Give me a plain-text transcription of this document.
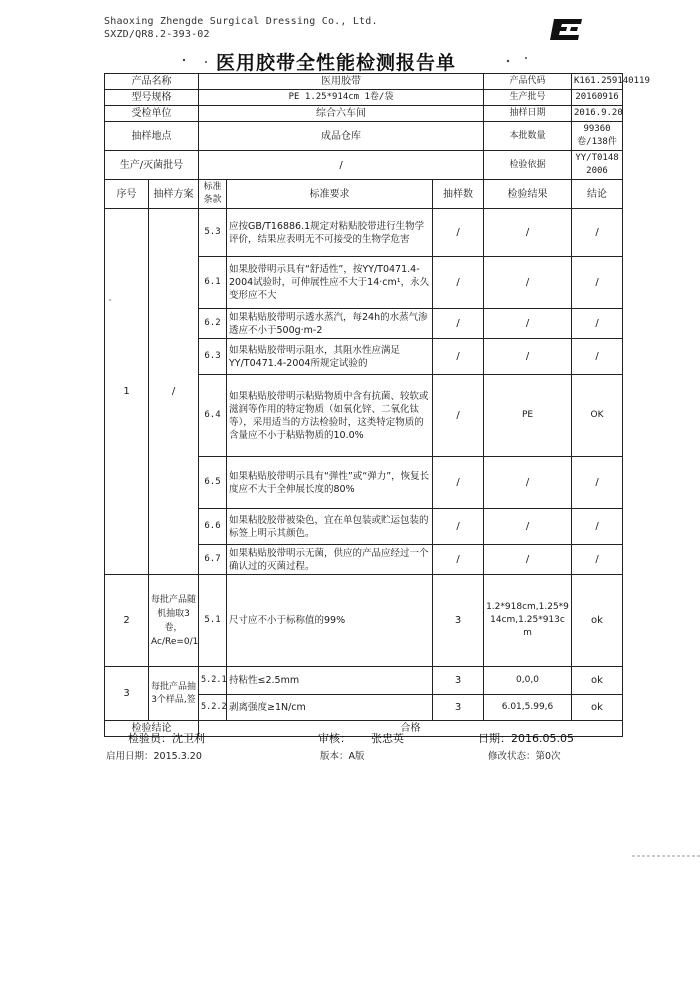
Shaoxing Zhengde Surgical Dressing Co., Ltd.
SXZD/QR8.2-393-02
医用胶带全性能检测报告单
产品名称		医用胶带			产品代码	K161.259140119
型号规格		PE 1.25*914cm 1卷/袋			生产批号	20160916
受检单位		综合六车间			抽样日期	2016.9.20
抽样地点		成品仓库			本批数量	99360卷/138件
生产/灭菌批号		/			检验依据	YY/T0148 2006
序号	抽样方案	标准条款	标准要求	抽样数	检验结果	结论
1	/	5.3	应按GB/T16886.1规定对粘贴胶带进行生物学评价，结果应表明无不可接受的生物学危害	/	/	/
		6.1	如果胶带明示具有“舒适性”，按YY/T0471.4-2004试验时，可伸展性应不大于14·cm¹，永久变形应不大	/	/	/
		6.2	如果粘贴胶带明示透水蒸汽，每24h的水蒸气渗透应不小于500g·m-2	/	/	/
		6.3	如果粘贴胶带明示阻水，其阻水性应满足YY/T0471.4-2004所规定试验的	/	/	/
		6.4	如果粘贴胶带明示粘贴物质中含有抗菌、较软或滋润等作用的特定物质（如氧化锌、二氧化钛等），采用适当的方法检验时，这类特定物质的含量应不小于粘贴物质的10.0%	/	PE	OK
		6.5	如果粘贴胶带明示具有“弹性”或“弹力”，恢复长度应不大于全伸展长度的80%	/	/	/
		6.6	如果粘胶胶带被染色，宜在单包装或贮运包装的标签上明示其颜色。	/	/	/
		6.7	如果粘贴胶带明示无菌，供应的产品应经过一个确认过的灭菌过程。	/	/	/
2	每批产品随机抽取3卷，Ac/Re=0/1	5.1	尺寸应不小于标称值的99%	3	1.2*918cm,1.25*914cm,1.25*913cm	ok
3	每批产品抽3个样品,签	5.2.1	持粘性≤2.5mm	3	0,0,0	ok
		5.2.2	剥离强度≥1N/cm	3	6.01,5.99,6	ok
检验结论		合格				
检验员：沈卫利	审核： 张忠英	日期：2016.05.05
启用日期：2015.3.20	版本：A版	修改状态：第0次
